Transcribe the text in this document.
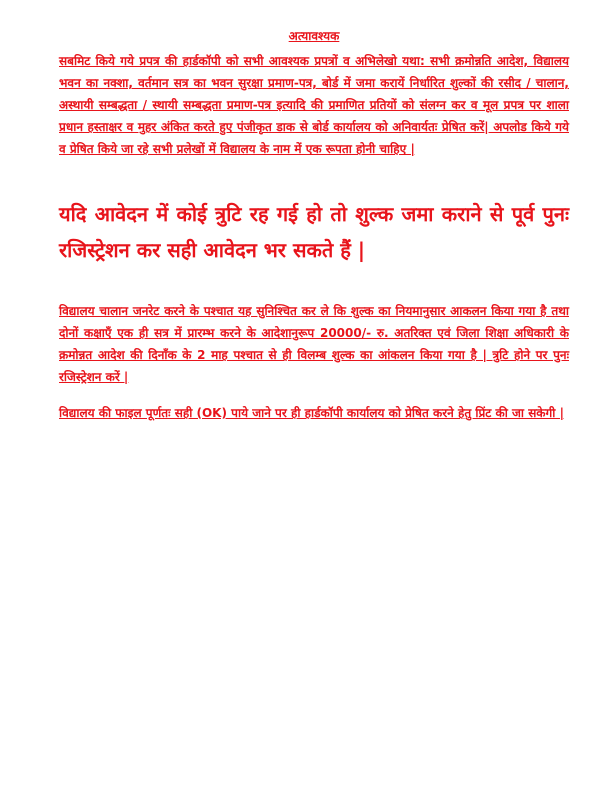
अत्यावश्यक

सबमिट किये गये प्रपत्र की हार्डकॉपी को सभी आवश्यक प्रपत्रों व अभिलेखो यथा: सभी क्रमोन्नति आदेश, विद्यालय भवन का नक्शा, वर्तमान सत्र का भवन सुरक्षा प्रमाण-पत्र, बोर्ड में जमा करायें निर्धारित शुल्कों की रसीद / चालान, अस्थायी सम्बद्धता / स्थायी सम्बद्धता प्रमाण-पत्र इत्यादि की प्रमाणित प्रतियों को संलग्न कर व मूल प्रपत्र पर शाला प्रधान हस्ताक्षर व मुहर अंकित करते हुए पंजीकृत डाक से बोर्ड कार्यालय को अनिवार्यतः प्रेषित करें| अपलोड किये गये व प्रेषित किये जा रहे सभी प्रलेखों में विद्यालय के नाम में एक रूपता होनी चाहिए |

यदि आवेदन में कोई त्रुटि रह गई हो तो शुल्क जमा कराने से पूर्व पुनः रजिस्ट्रेशन कर सही आवेदन भर सकते हैं |

विद्यालय चालान जनरेट करने के पश्चात यह सुनिश्चित कर ले कि शुल्क का नियमानुसार आकलन किया गया है तथा दोनों कक्षाएँ एक ही सत्र में प्रारम्भ करने के आदेशानुरूप 20000/- रु. अतरिक्त एवं जिला शिक्षा अधिकारी के क्रमोन्नत आदेश की दिनाँक के 2 माह पश्चात से ही विलम्ब शुल्क का आंकलन किया गया है | त्रुटि होने पर पुनः रजिस्ट्रेशन करें |

विद्यालय की फाइल पूर्णतः सही (OK) पाये जाने पर ही हार्डकॉपी कार्यालय को प्रेषित करने हेतु प्रिंट की जा सकेगी |
